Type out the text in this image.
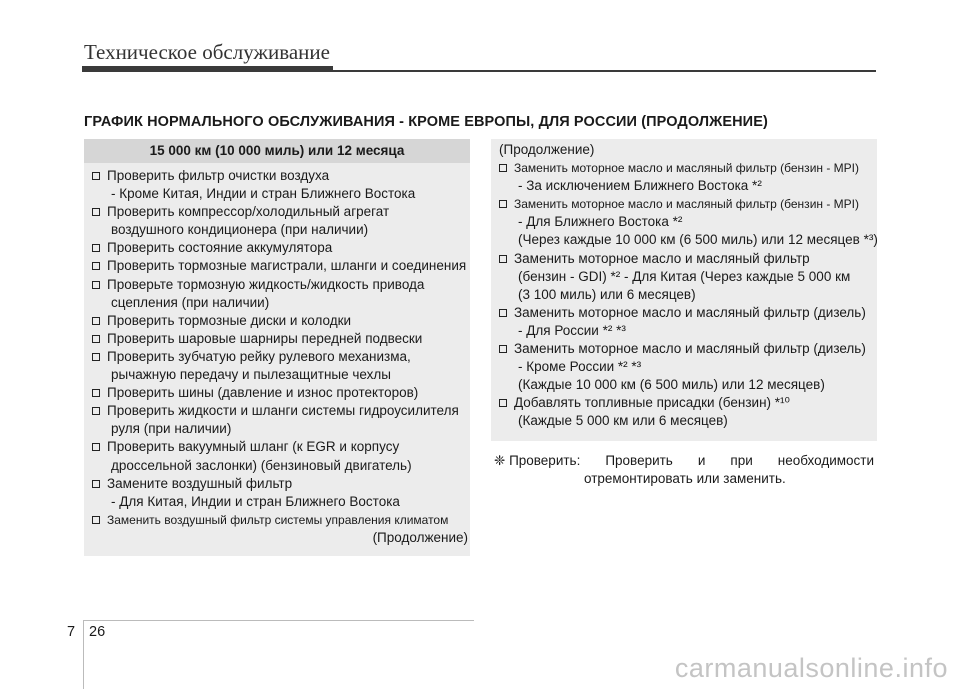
Техническое обслуживание
ГРАФИК НОРМАЛЬНОГО ОБСЛУЖИВАНИЯ - КРОМЕ ЕВРОПЫ, ДЛЯ РОССИИ (ПРОДОЛЖЕНИЕ)
15 000 км (10 000 миль) или 12 месяца
Проверить фильтр очистки воздуха
- Кроме Китая, Индии и стран Ближнего Востока
Проверить компрессор/холодильный агрегат
воздушного кондиционера (при наличии)
Проверить состояние аккумулятора
Проверить тормозные магистрали, шланги и соединения
Проверьте тормозную жидкость/жидкость привода
сцепления (при наличии)
Проверить тормозные диски и колодки
Проверить шаровые шарниры передней подвески
Проверить зубчатую рейку рулевого механизма,
рычажную передачу и пылезащитные чехлы
Проверить шины (давление и износ протекторов)
Проверить жидкости и шланги системы гидроусилителя
руля (при наличии)
Проверить вакуумный шланг (к EGR и корпусу
дроссельной заслонки) (бензиновый двигатель)
Замените воздушный фильтр
- Для Китая, Индии и стран Ближнего Востока
Заменить воздушный фильтр системы управления климатом
(Продолжение)
(Продолжение)
Заменить моторное масло и масляный фильтр (бензин - MPI)
- За исключением Ближнего Востока *²
Заменить моторное масло и масляный фильтр (бензин - MPI)
- Для Ближнего Востока *²
(Через каждые 10 000 км (6 500 миль) или 12 месяцев *³)
Заменить моторное масло и масляный фильтр
(бензин - GDI) *² - Для Китая (Через каждые 5 000 км
(3 100 миль) или 6 месяцев)
Заменить моторное масло и масляный фильтр (дизель)
- Для России *² *³
Заменить моторное масло и масляный фильтр (дизель)
- Кроме России *² *³
(Каждые 10 000 км (6 500 миль) или 12 месяцев)
Добавлять топливные присадки (бензин) *¹⁰
(Каждые 5 000 км или 6 месяцев)
❈ Проверить: Проверить и при необходимости
отремонтировать или заменить.
7 26
carmanualsonline.info
